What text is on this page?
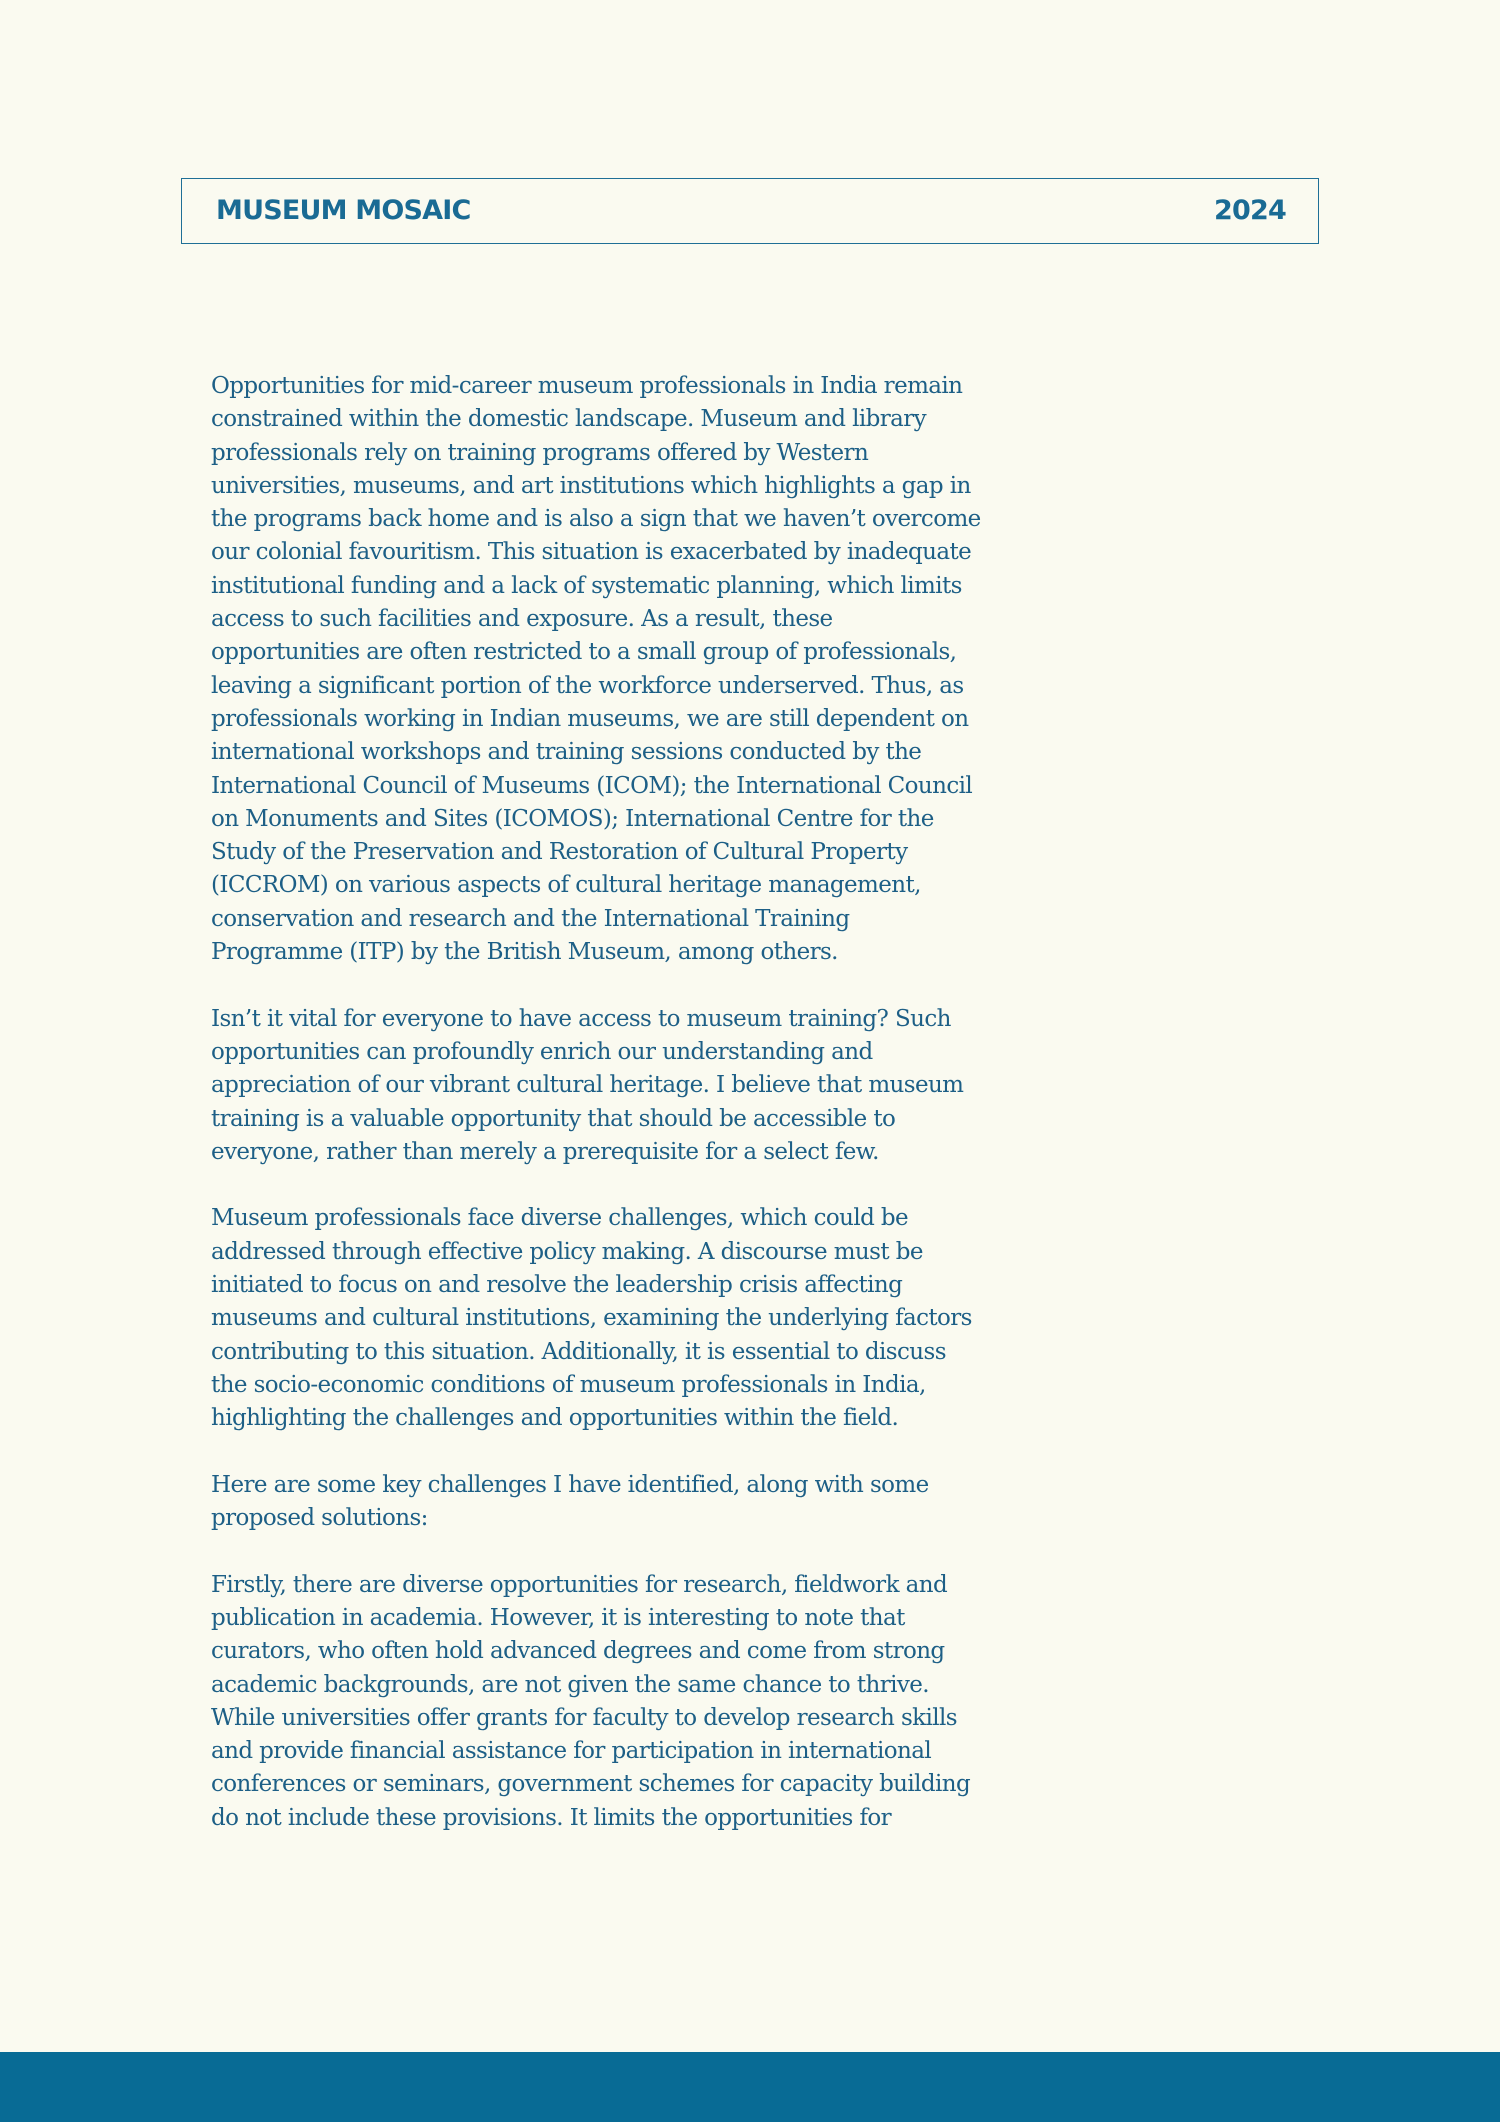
MUSEUM MOSAIC	2024

Opportunities for mid-career museum professionals in India remain
constrained within the domestic landscape. Museum and library
professionals rely on training programs offered by Western
universities, museums, and art institutions which highlights a gap in
the programs back home and is also a sign that we haven’t overcome
our colonial favouritism. This situation is exacerbated by inadequate
institutional funding and a lack of systematic planning, which limits
access to such facilities and exposure. As a result, these
opportunities are often restricted to a small group of professionals,
leaving a significant portion of the workforce underserved. Thus, as
professionals working in Indian museums, we are still dependent on
international workshops and training sessions conducted by the
International Council of Museums (ICOM); the International Council
on Monuments and Sites (ICOMOS); International Centre for the
Study of the Preservation and Restoration of Cultural Property
(ICCROM) on various aspects of cultural heritage management,
conservation and research and the International Training
Programme (ITP) by the British Museum, among others.

Isn’t it vital for everyone to have access to museum training? Such
opportunities can profoundly enrich our understanding and
appreciation of our vibrant cultural heritage. I believe that museum
training is a valuable opportunity that should be accessible to
everyone, rather than merely a prerequisite for a select few.

Museum professionals face diverse challenges, which could be
addressed through effective policy making. A discourse must be
initiated to focus on and resolve the leadership crisis affecting
museums and cultural institutions, examining the underlying factors
contributing to this situation. Additionally, it is essential to discuss
the socio-economic conditions of museum professionals in India,
highlighting the challenges and opportunities within the field.

Here are some key challenges I have identified, along with some
proposed solutions:

Firstly, there are diverse opportunities for research, fieldwork and
publication in academia. However, it is interesting to note that
curators, who often hold advanced degrees and come from strong
academic backgrounds, are not given the same chance to thrive.
While universities offer grants for faculty to develop research skills
and provide financial assistance for participation in international
conferences or seminars, government schemes for capacity building
do not include these provisions. It limits the opportunities for
